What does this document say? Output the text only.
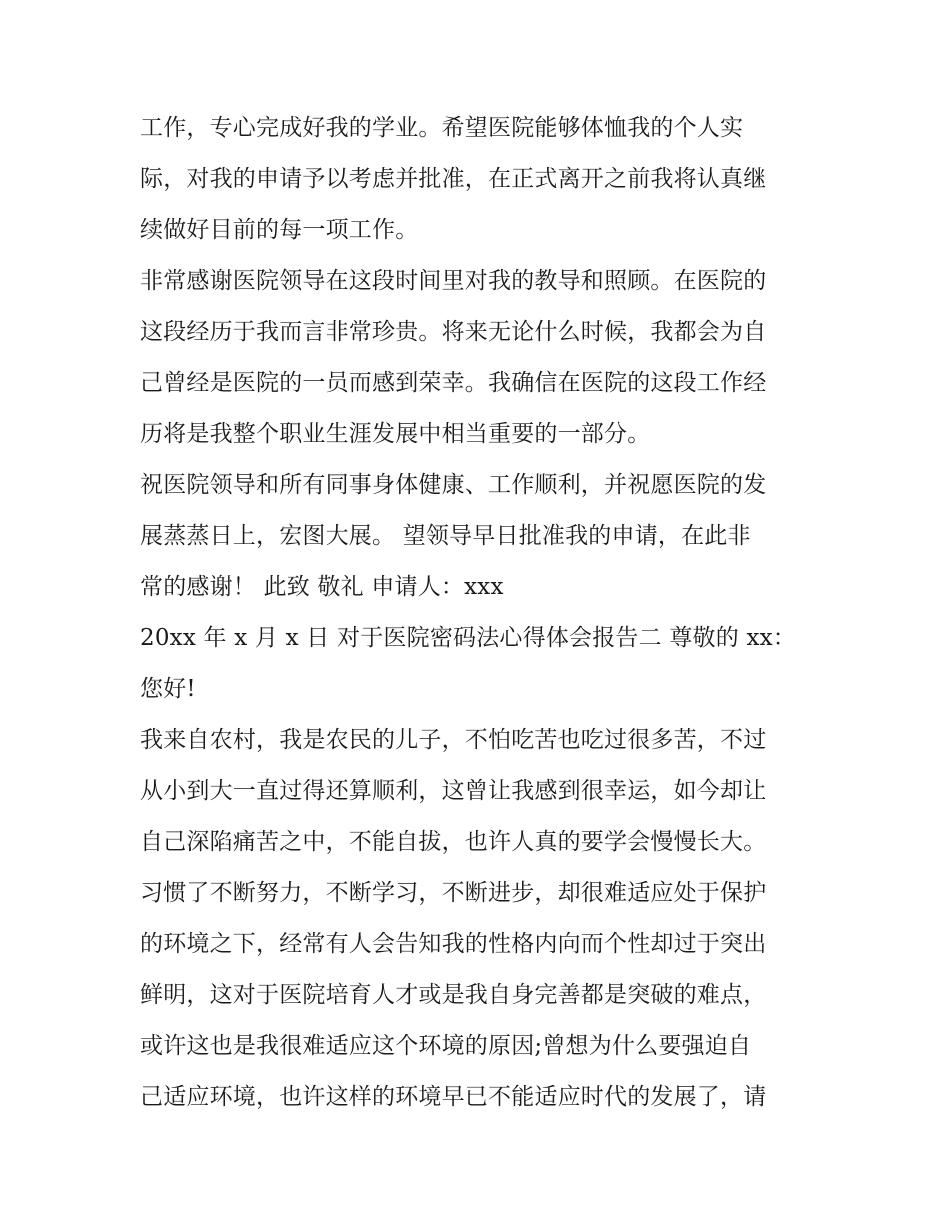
工作，专心完成好我的学业。希望医院能够体恤我的个人实
际，对我的申请予以考虑并批准，在正式离开之前我将认真继
续做好目前的每一项工作。
非常感谢医院领导在这段时间里对我的教导和照顾。在医院的
这段经历于我而言非常珍贵。将来无论什么时候，我都会为自
己曾经是医院的一员而感到荣幸。我确信在医院的这段工作经
历将是我整个职业生涯发展中相当重要的一部分。
祝医院领导和所有同事身体健康、工作顺利，并祝愿医院的发
展蒸蒸日上，宏图大展。 望领导早日批准我的申请，在此非
常的感谢！ 此致 敬礼 申请人：xxx
20xx 年 x 月 x 日 对于医院密码法心得体会报告二 尊敬的 xx：
您好!
我来自农村，我是农民的儿子，不怕吃苦也吃过很多苦，不过
从小到大一直过得还算顺利，这曾让我感到很幸运，如今却让
自己深陷痛苦之中，不能自拔，也许人真的要学会慢慢长大。
习惯了不断努力，不断学习，不断进步，却很难适应处于保护
的环境之下，经常有人会告知我的性格内向而个性却过于突出
鲜明，这对于医院培育人才或是我自身完善都是突破的难点，
或许这也是我很难适应这个环境的原因;曾想为什么要强迫自
己适应环境，也许这样的环境早已不能适应时代的发展了，请
